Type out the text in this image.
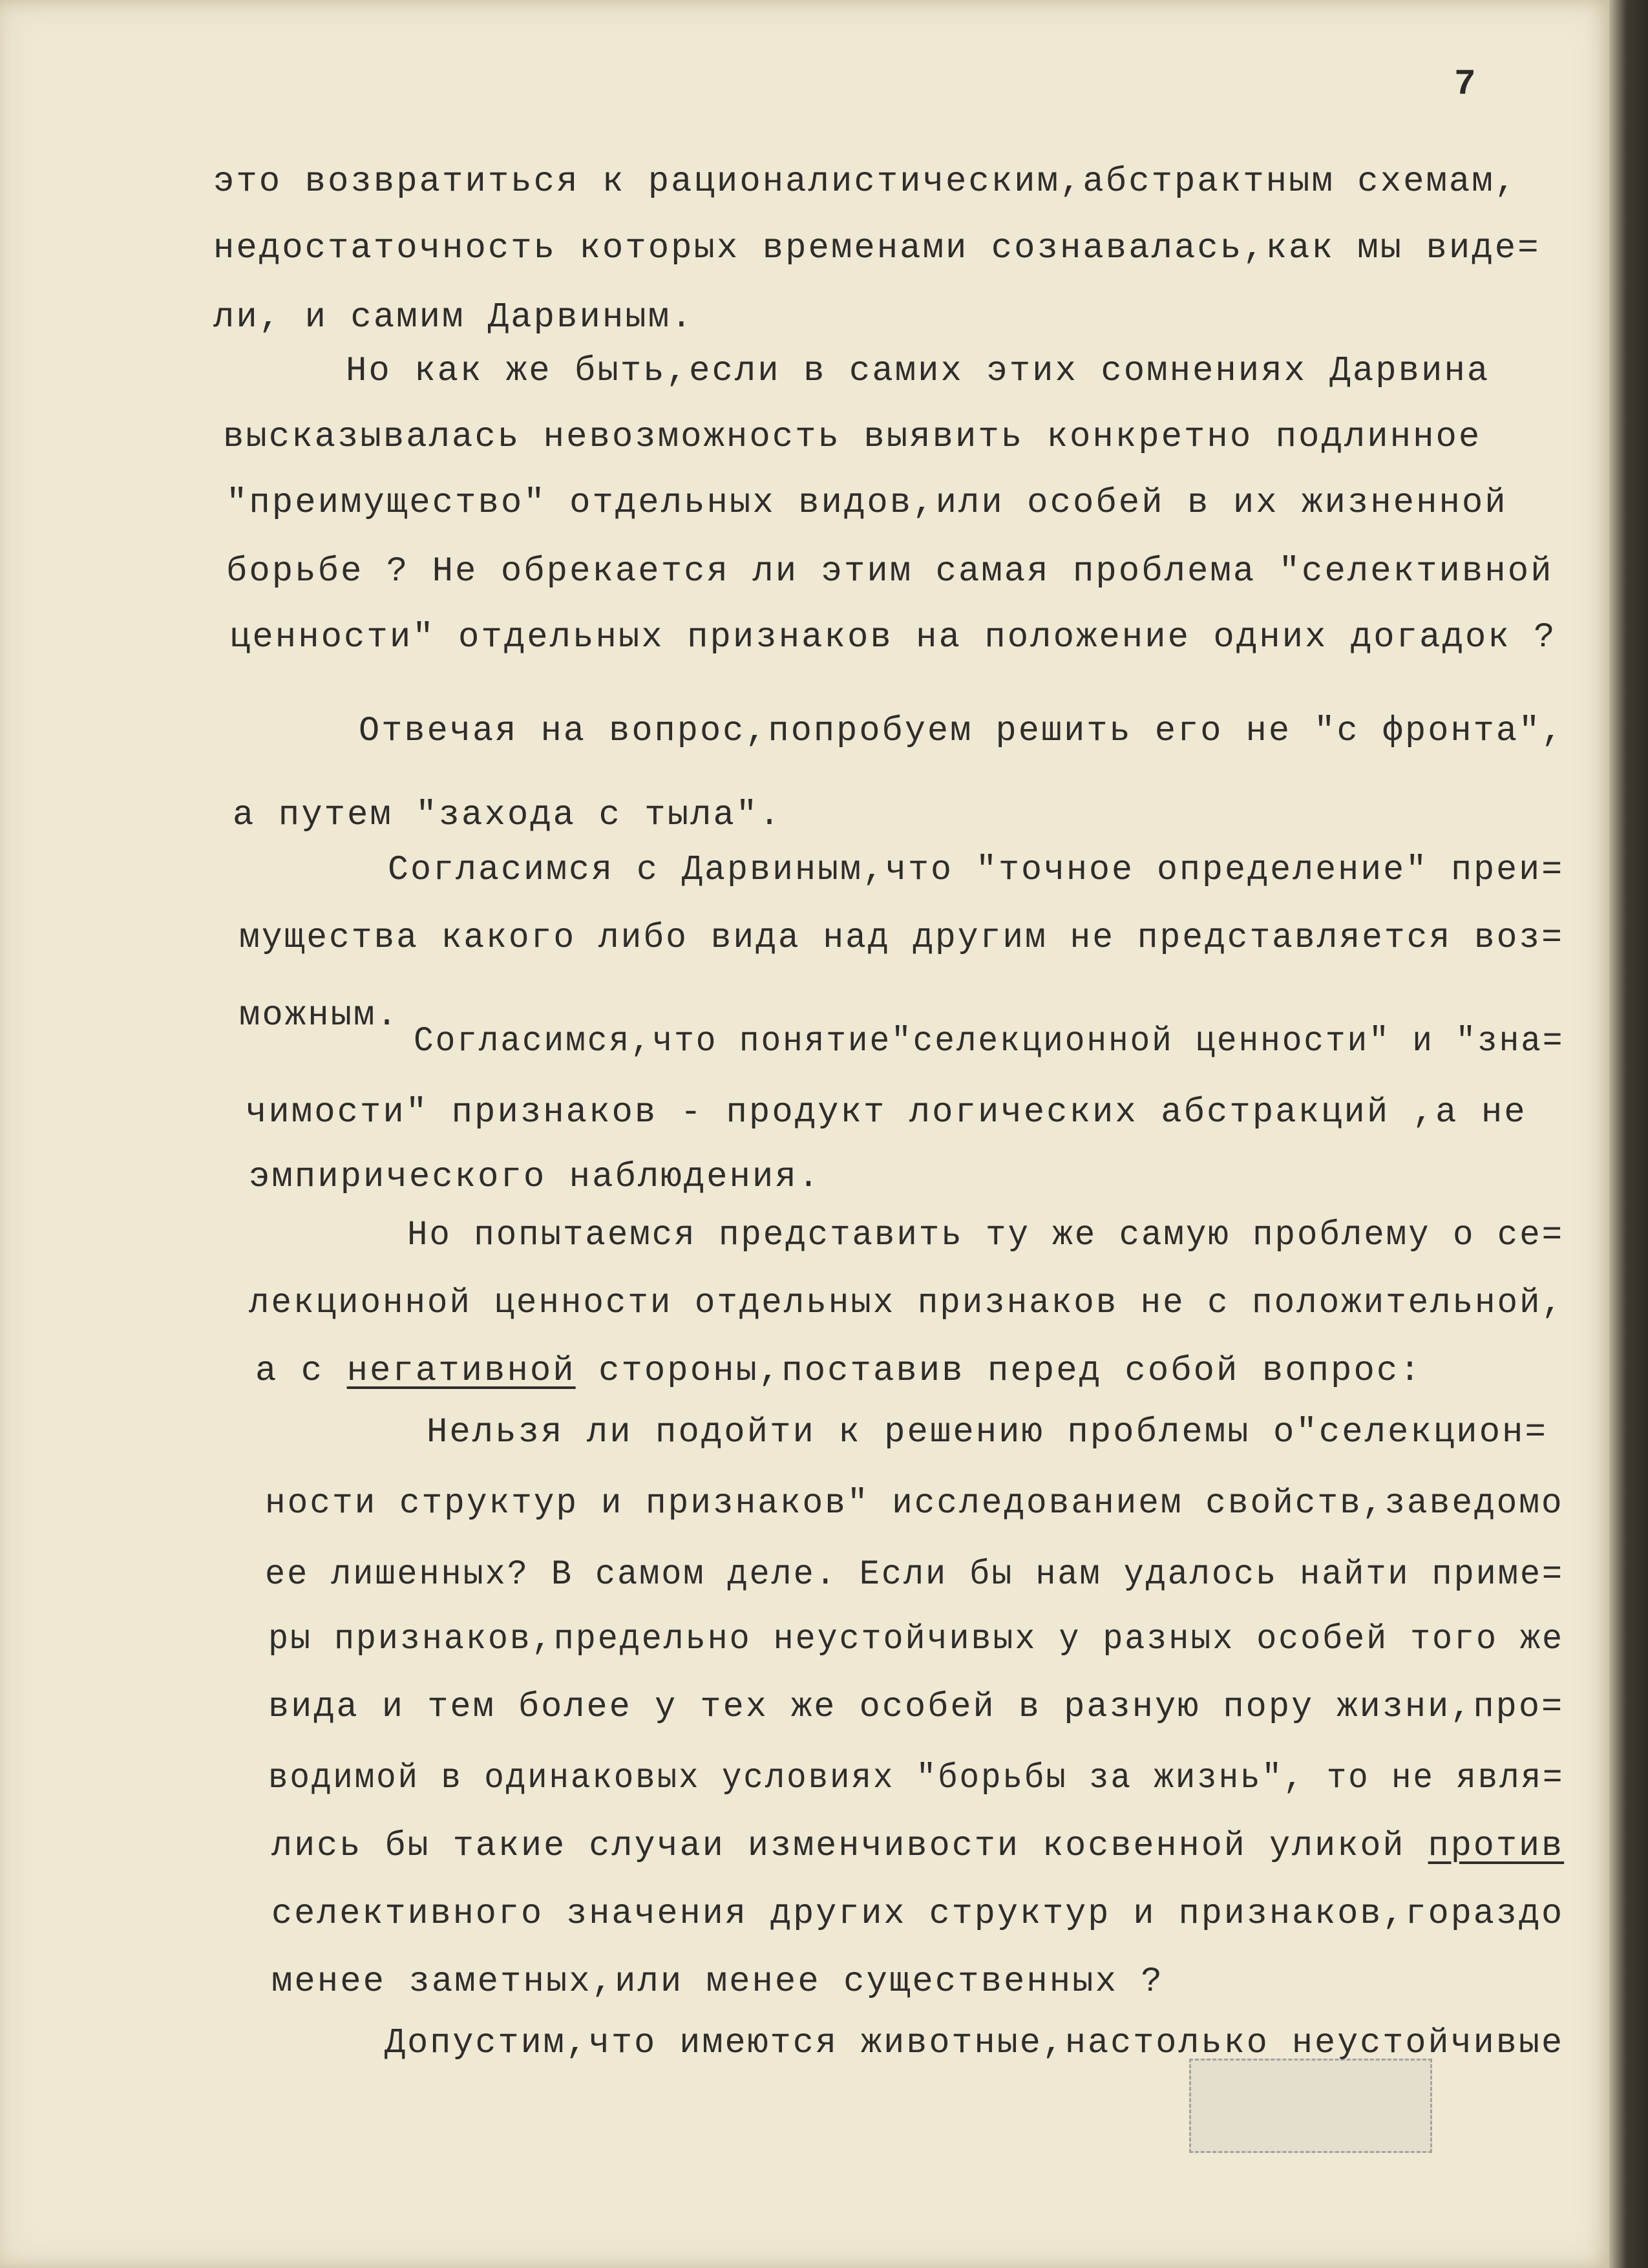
7
это возвратиться к рационалистическим,абстрактным схемам,
недостаточность которых временами сознавалась,как мы виде=
ли, и самим Дарвиным.
Но как же быть,если в самих этих сомнениях Дарвина
высказывалась невозможность выявить конкретно подлинное
"преимущество" отдельных видов,или особей в их жизненной
борьбе ? Не обрекается ли этим самая проблема "селективной
ценности" отдельных признаков на положение одних догадок ?
Отвечая на вопрос,попробуем решить его не "с фронта",
а путем "захода с тыла".
Согласимся с Дарвиным,что "точное определение" преи=
мущества какого либо вида над другим не представляется воз=
можным.
Согласимся,что понятие"селекционной ценности" и "зна=
чимости" признаков - продукт логических абстракций ,а не
эмпирического наблюдения.
Но попытаемся представить ту же самую проблему о се=
лекционной ценности отдельных признаков не с положительной,
а с негативной стороны,поставив перед собой вопрос:
Нельзя ли подойти к решению проблемы о"селекцион=
ности структур и признаков" исследованием свойств,заведомо
ее лишенных? В самом деле. Если бы нам удалось найти приме=
ры признаков,предельно неустойчивых у разных особей того же
вида и тем более у тех же особей в разную пору жизни,про=
водимой в одинаковых условиях "борьбы за жизнь", то не явля=
лись бы такие случаи изменчивости косвенной уликой против
селективного значения других структур и признаков,гораздо
менее заметных,или менее существенных ?
Допустим,что имеются животные,настолько неустойчивые
